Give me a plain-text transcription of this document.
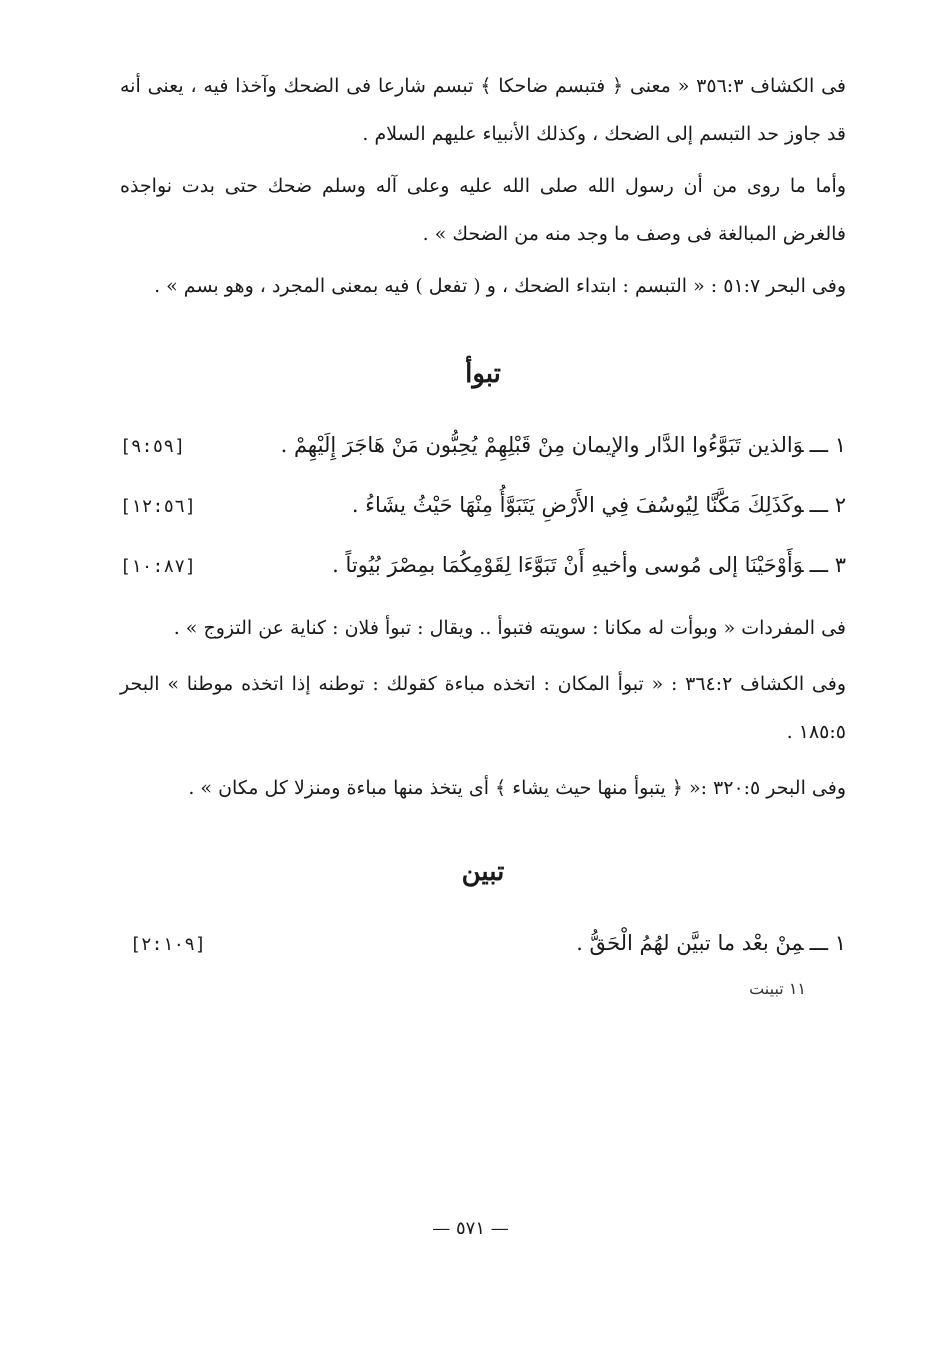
فى الكشاف ٣٥٦:٣ « معنى ﴿ فتبسم ضاحكا ﴾ تبسم شارعا فى الضحك وآخذا فيه ، يعنى أنه قد جاوز حد التبسم إلى الضحك ، وكذلك الأنبياء عليهم السلام .

وأما ما روى من أن رسول الله صلى الله عليه وعلى آله وسلم ضحك حتى بدت نواجذه فالغرض المبالغة فى وصف ما وجد منه من الضحك » .

وفى البحر ٥١:٧ : « التبسم : ابتداء الضحك ، و ( تفعل ) فيه بمعنى المجرد ، وهو بسم » .

تبوأ
١ ـــوَالذين تَبَوَّءُوا الدَّار والإيمان مِنْ قَبْلِهِمْ يُحِبُّون مَنْ هَاجَرَ إِلَيْهِمْ .
[٩:٥٩]
٢ ـــوكَذَلِكَ مَكَّنَّا لِيُوسُفَ فِي الأَرْضِ يَتَبَوَّأُ مِنْهَا حَيْثُ يشَاءُ .
[١٢:٥٦]
٣ ـــوَأَوْحَيْنَا إلى مُوسى وأخيهِ أَنْ تَبَوَّءَا لِقَوْمِكُمَا بمِصْرَ بُيُوتاً .
[١٠:٨٧]

فى المفردات « وبوأت له مكانا : سويته فتبوأ .. ويقال : تبوأ فلان : كناية عن التزوج » .

وفى الكشاف ٣٦٤:٢ : « تبوأ المكان : اتخذه مباءة كقولك : توطنه إذا اتخذه موطنا » البحر ١٨٥:٥ .

وفى البحر ٣٢٠:٥ :« ﴿ يتبوأ منها حيث يشاء ﴾ أى يتخذ منها مباءة ومنزلا كل مكان » .

تبين
١ ـــمِنْ بعْد ما تبيَّن لهُمُ الْحَقُّ .
[٢:١٠٩]

١١ تبينت

— ٥٧١ —
